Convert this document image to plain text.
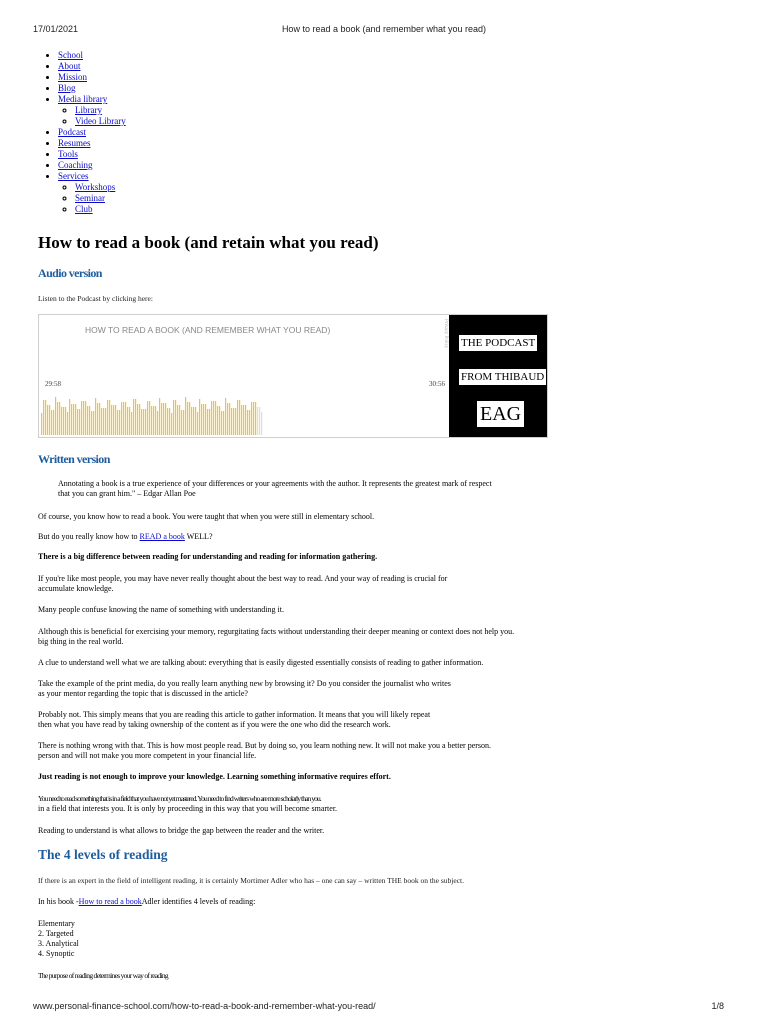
17/01/2021	How to read a book (and remember what you read)
• School
• About
• Mission
• Blog
• Media library
◦ Library
◦ Video Library
• Podcast
• Resumes
• Tools
• Coaching
• Services
◦ Workshops
◦ Seminar
◦ Club
How to read a book (and retain what you read)
Audio version

Listen to the Podcast by clicking here:

HOW TO READ A BOOK (AND REMEMBER WHAT YOU READ)	Privacy Policy
29:58	30:56
THE PODCAST
FROM THIBAUD
EAG
Written version
Annotating a book is a true experience of your differences or your agreements with the author. It represents the greatest mark of respect
that you can grant him." – Edgar Allan Poe

Of course, you know how to read a book. You were taught that when you were still in elementary school.

But do you really know how to READ a book WELL?

There is a big difference between reading for understanding and reading for information gathering.

If you're like most people, you may have never really thought about the best way to read. And your way of reading is crucial for
accumulate knowledge.

Many people confuse knowing the name of something with understanding it.

Although this is beneficial for exercising your memory, regurgitating facts without understanding their deeper meaning or context does not help you.
big thing in the real world.

A clue to understand well what we are talking about: everything that is easily digested essentially consists of reading to gather information.

Take the example of the print media, do you really learn anything new by browsing it? Do you consider the journalist who writes
as your mentor regarding the topic that is discussed in the article?
Probably not. This simply means that you are reading this article to gather information. It means that you will likely repeat
then what you have read by taking ownership of the content as if you were the one who did the research work.
There is nothing wrong with that. This is how most people read. But by doing so, you learn nothing new. It will not make you a better person.
person and will not make you more competent in your financial life.

Just reading is not enough to improve your knowledge. Learning something informative requires effort.

You need to read something that is in a field that you have not yet mastered. You need to find writers who are more scholarly than you.
in a field that interests you. It is only by proceeding in this way that you will become smarter.

Reading to understand is what allows to bridge the gap between the reader and the writer.

The 4 levels of reading

If there is an expert in the field of intelligent reading, it is certainly Mortimer Adler who has – one can say – written THE book on the subject.

In his book -How to read a bookAdler identifies 4 levels of reading:

Elementary
2. Targeted
3. Analytical
4. Synoptic

The purpose of reading determines your way of reading

www.personal-finance-school.com/how-to-read-a-book-and-remember-what-you-read/	1/8
